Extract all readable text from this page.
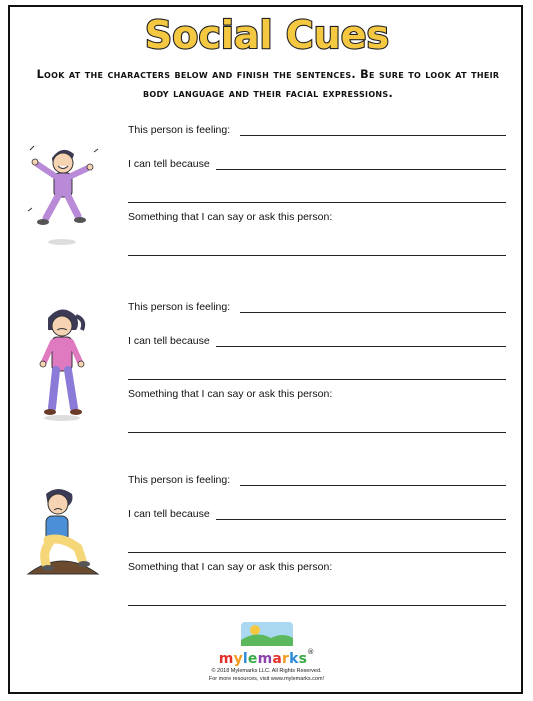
Social Cues
Look at the characters below and finish the sentences. Be sure to look at their body language and their facial expressions.
This person is feeling:
I can tell because
Something that I can say or ask this person:
This person is feeling:
I can tell because
Something that I can say or ask this person:
This person is feeling:
I can tell because
Something that I can say or ask this person:
mylemarks®
© 2018 Mylemarks LLC. All Rights Reserved.
For more resources, visit www.mylemarks.com!
